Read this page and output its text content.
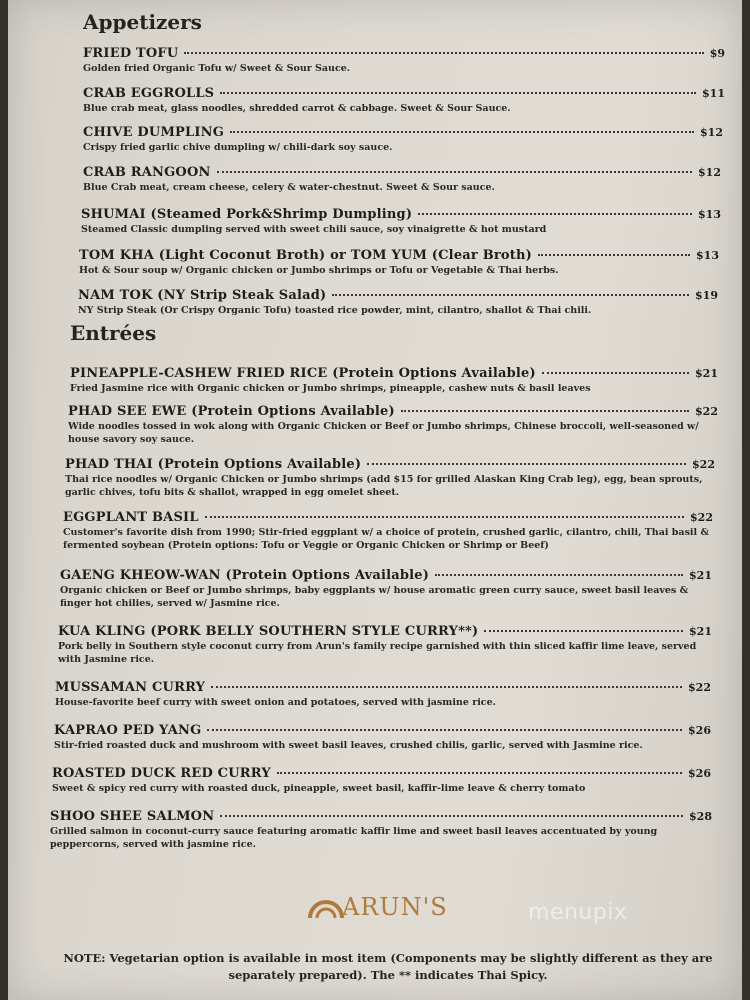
Appetizers
FRIED TOFU	$9
Golden fried Organic Tofu w/ Sweet & Sour Sauce.
CRAB EGGROLLS	$11
Blue crab meat, glass noodles, shredded carrot & cabbage. Sweet & Sour Sauce.
CHIVE DUMPLING	$12
Crispy fried garlic chive dumpling w/ chili-dark soy sauce.
CRAB RANGOON	$12
Blue Crab meat, cream cheese, celery & water-chestnut. Sweet & Sour sauce.
SHUMAI (Steamed Pork&Shrimp Dumpling)	$13
Steamed Classic dumpling served with sweet chili sauce, soy vinaigrette & hot mustard
TOM KHA (Light Coconut Broth) or TOM YUM (Clear Broth)	$13
Hot & Sour soup w/ Organic chicken or Jumbo shrimps or Tofu or Vegetable & Thai herbs.
NAM TOK (NY Strip Steak Salad)	$19
NY Strip Steak (Or Crispy Organic Tofu) toasted rice powder, mint, cilantro, shallot & Thai chili.
Entrées
PINEAPPLE-CASHEW FRIED RICE (Protein Options Available)	$21
Fried Jasmine rice with Organic chicken or Jumbo shrimps, pineapple, cashew nuts & basil leaves
PHAD SEE EWE (Protein Options Available)	$22
Wide noodles tossed in wok along with Organic Chicken or Beef or Jumbo shrimps, Chinese broccoli, well-seasoned w/ house savory soy sauce.
PHAD THAI (Protein Options Available)	$22
Thai rice noodles w/ Organic Chicken or Jumbo shrimps (add $15 for grilled Alaskan King Crab leg), egg, bean sprouts, garlic chives, tofu bits & shallot, wrapped in egg omelet sheet.
EGGPLANT BASIL	$22
Customer's favorite dish from 1990; Stir-fried eggplant w/ a choice of protein, crushed garlic, cilantro, chili, Thai basil & fermented soybean (Protein options: Tofu or Veggie or Organic Chicken or Shrimp or Beef)
GAENG KHEOW-WAN (Protein Options Available)	$21
Organic chicken or Beef or Jumbo shrimps, baby eggplants w/ house aromatic green curry sauce, sweet basil leaves & finger hot chilies, served w/ Jasmine rice.
KUA KLING (PORK BELLY SOUTHERN STYLE CURRY**)	$21
Pork belly in Southern style coconut curry from Arun's family recipe garnished with thin sliced kaffir lime leave, served with Jasmine rice.
MUSSAMAN CURRY	$22
House-favorite beef curry with sweet onion and potatoes, served with jasmine rice.
KAPRAO PED YANG	$26
Stir-fried roasted duck and mushroom with sweet basil leaves, crushed chilis, garlic, served with Jasmine rice.
ROASTED DUCK RED CURRY	$26
Sweet & spicy red curry with roasted duck, pineapple, sweet basil, kaffir-lime leave & cherry tomato
SHOO SHEE SALMON	$28
Grilled salmon in coconut-curry sauce featuring aromatic kaffir lime and sweet basil leaves accentuated by young peppercorns, served with jasmine rice.
ARUN'S	menupix
NOTE: Vegetarian option is available in most item (Components may be slightly different as they are separately prepared). The ** indicates Thai Spicy.
